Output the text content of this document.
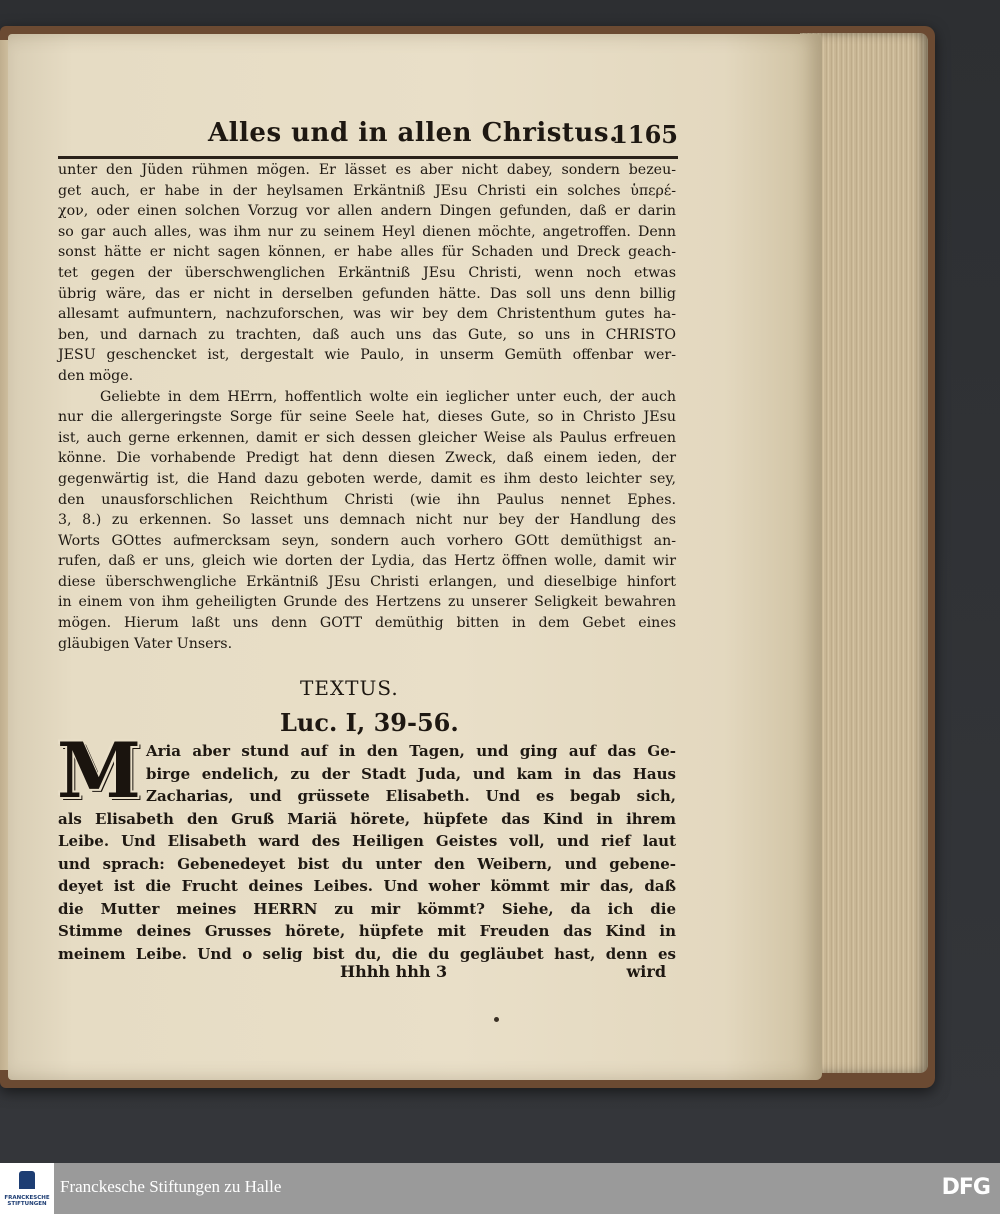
Alles und in allen Christus.
1165
unter den Jüden rühmen mögen. Er lässet es aber nicht dabey, sondern bezeu-
get auch, er habe in der heylsamen Erkäntniß JEsu Christi ein solches ὑπερέ-
χον, oder einen solchen Vorzug vor allen andern Dingen gefunden, daß er darin
so gar auch alles, was ihm nur zu seinem Heyl dienen möchte, angetroffen. Denn
sonst hätte er nicht sagen können, er habe alles für Schaden und Dreck geach-
tet gegen der überschwenglichen Erkäntniß JEsu Christi, wenn noch etwas
übrig wäre, das er nicht in derselben gefunden hätte. Das soll uns denn billig
allesamt aufmuntern, nachzuforschen, was wir bey dem Christenthum gutes ha-
ben, und darnach zu trachten, daß auch uns das Gute, so uns in CHRISTO
JESU geschencket ist, dergestalt wie Paulo, in unserm Gemüth offenbar wer-
den möge.
Geliebte in dem HErrn, hoffentlich wolte ein ieglicher unter euch, der auch
nur die allergeringste Sorge für seine Seele hat, dieses Gute, so in Christo JEsu
ist, auch gerne erkennen, damit er sich dessen gleicher Weise als Paulus erfreuen
könne. Die vorhabende Predigt hat denn diesen Zweck, daß einem ieden, der
gegenwärtig ist, die Hand dazu geboten werde, damit es ihm desto leichter sey,
den unausforschlichen Reichthum Christi (wie ihn Paulus nennet Ephes.
3, 8.) zu erkennen. So lasset uns demnach nicht nur bey der Handlung des
Worts GOttes aufmercksam seyn, sondern auch vorhero GOtt demüthigst an-
rufen, daß er uns, gleich wie dorten der Lydia, das Hertz öffnen wolle, damit wir
diese überschwengliche Erkäntniß JEsu Christi erlangen, und dieselbige hinfort
in einem von ihm geheiligten Grunde des Hertzens zu unserer Seligkeit bewahren
mögen. Hierum laßt uns denn GOTT demüthig bitten in dem Gebet eines
gläubigen Vater Unsers.
TEXTUS.
Luc. I, 39-56.
M Aria aber stund auf in den Tagen, und ging auf das Ge-
birge endelich, zu der Stadt Juda, und kam in das Haus
Zacharias, und grüssete Elisabeth. Und es begab sich,
als Elisabeth den Gruß Mariä hörete, hüpfete das Kind in ihrem
Leibe. Und Elisabeth ward des Heiligen Geistes voll, und rief laut
und sprach: Gebenedeyet bist du unter den Weibern, und gebene-
deyet ist die Frucht deines Leibes. Und woher kömmt mir das, daß
die Mutter meines HERRN zu mir kömmt? Siehe, da ich die
Stimme deines Grusses hörete, hüpfete mit Freuden das Kind in
meinem Leibe. Und o selig bist du, die du gegläubet hast, denn es
Hhhh hhh 3	wird
FRANCKESCHE STIFTUNGEN
Franckesche Stiftungen zu Halle	DFG
